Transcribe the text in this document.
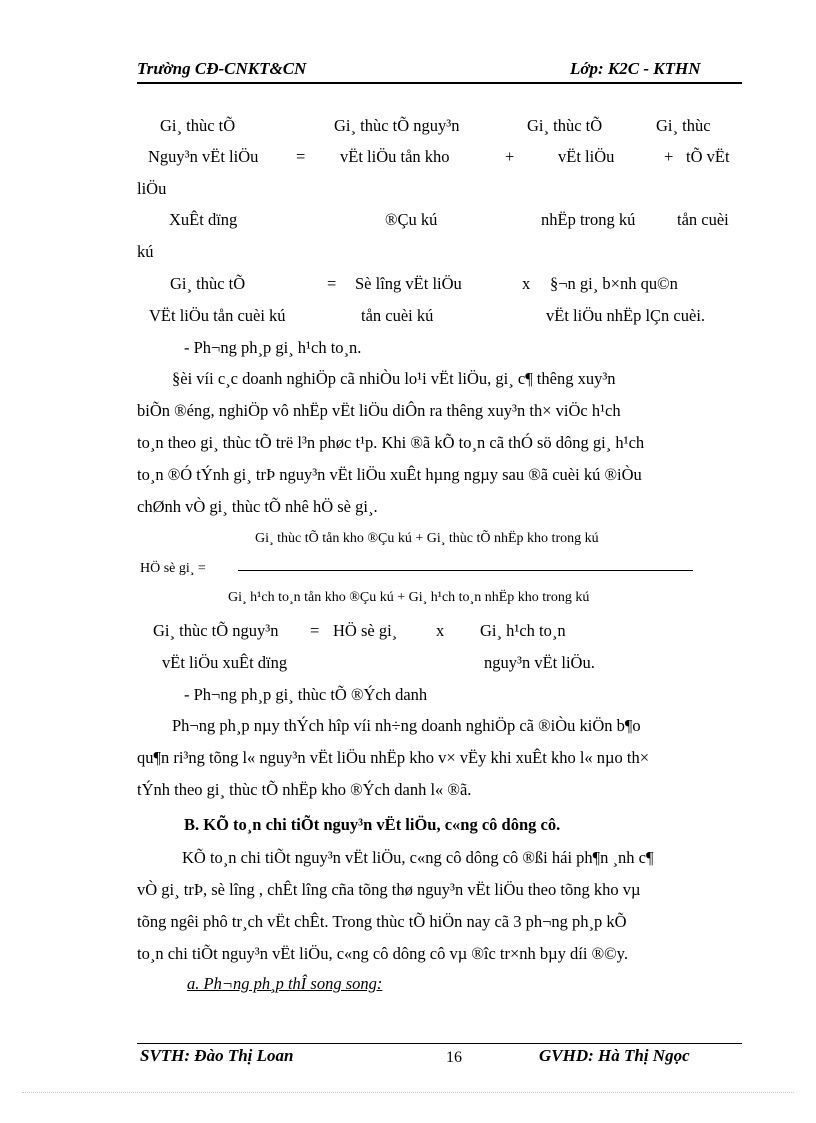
Trường CĐ-CNKT&CN	Lớp: K2C - KTHN
Gi¸ thùc tÕ	Gi¸ thùc tÕ nguy³n	Gi¸ thùc tÕ	Gi¸ thùc
Nguy³n vËt liÖu = vËt liÖu tån kho	+	vËt liÖu	+ tÕ vËt
liÖu
XuÊt dïng	®Çu kú	nhËp trong kú	tån cuèi
kú
Gi¸ thùc tÕ	= Sè lîng vËt liÖu	x §¬n gi¸ b×nh qu©n
VËt liÖu tån cuèi kú	tån cuèi kú	vËt liÖu nhËp lÇn cuèi.
- Ph¬ng ph¸p gi¸ h¹ch to¸n.
§èi víi c¸c doanh nghiÖp cã nhiÒu lo¹i vËt liÖu, gi¸ c¶ thêng xuy³n
biÕn ®éng, nghiÖp vô nhËp vËt liÖu diÔn ra thêng xuy³n th× viÖc h¹ch
to¸n theo gi¸ thùc tÕ trë l³n phøc t¹p. Khi ®ã kÕ to¸n cã thÓ sö dông gi¸ h¹ch
to¸n ®Ó tÝnh gi¸ trÞ nguy³n vËt liÖu xuÊt hµng ngµy sau ®ã cuèi kú ®iÒu
chØnh vÒ gi¸ thùc tÕ nhê hÖ sè gi¸.
Gi¸ thùc tÕ tån kho ®Çu kú + Gi¸ thùc tÕ nhËp kho trong kú
HÖ sè gi¸ =
Gi¸ h¹ch to¸n tån kho ®Çu kú + Gi¸ h¹ch to¸n nhËp kho trong kú
Gi¸ thùc tÕ nguy³n = HÖ sè gi¸ x Gi¸ h¹ch to¸n
vËt liÖu xuÊt dïng	nguy³n vËt liÖu.
- Ph¬ng ph¸p gi¸ thùc tÕ ®Ých danh
Ph¬ng ph¸p nµy thÝch hîp víi nh÷ng doanh nghiÖp cã ®iÒu kiÖn b¶o
qu¶n ri³ng tõng l« nguy³n vËt liÖu nhËp kho v× vËy khi xuÊt kho l« nµo th×
tÝnh theo gi¸ thùc tÕ nhËp kho ®Ých danh l« ®ã.
B. KÕ to¸n chi tiÕt nguy³n vËt liÖu, c«ng cô dông cô.
KÕ to¸n chi tiÕt nguy³n vËt liÖu, c«ng cô dông cô ®ßi hái ph¶n ¸nh c¶
vÒ gi¸ trÞ, sè lîng , chÊt lîng cña tõng thø nguy³n vËt liÖu theo tõng kho vµ
tõng ngêi phô tr¸ch vËt chÊt. Trong thùc tÕ hiÖn nay cã 3 ph¬ng ph¸p kÕ
to¸n chi tiÕt nguy³n vËt liÖu, c«ng cô dông cô vµ ®îc tr×nh bµy díi ®©y.
a. Ph¬ng ph¸p thÎ song song:
SVTH: Đào Thị Loan	16	GVHD: Hà Thị Ngọc
